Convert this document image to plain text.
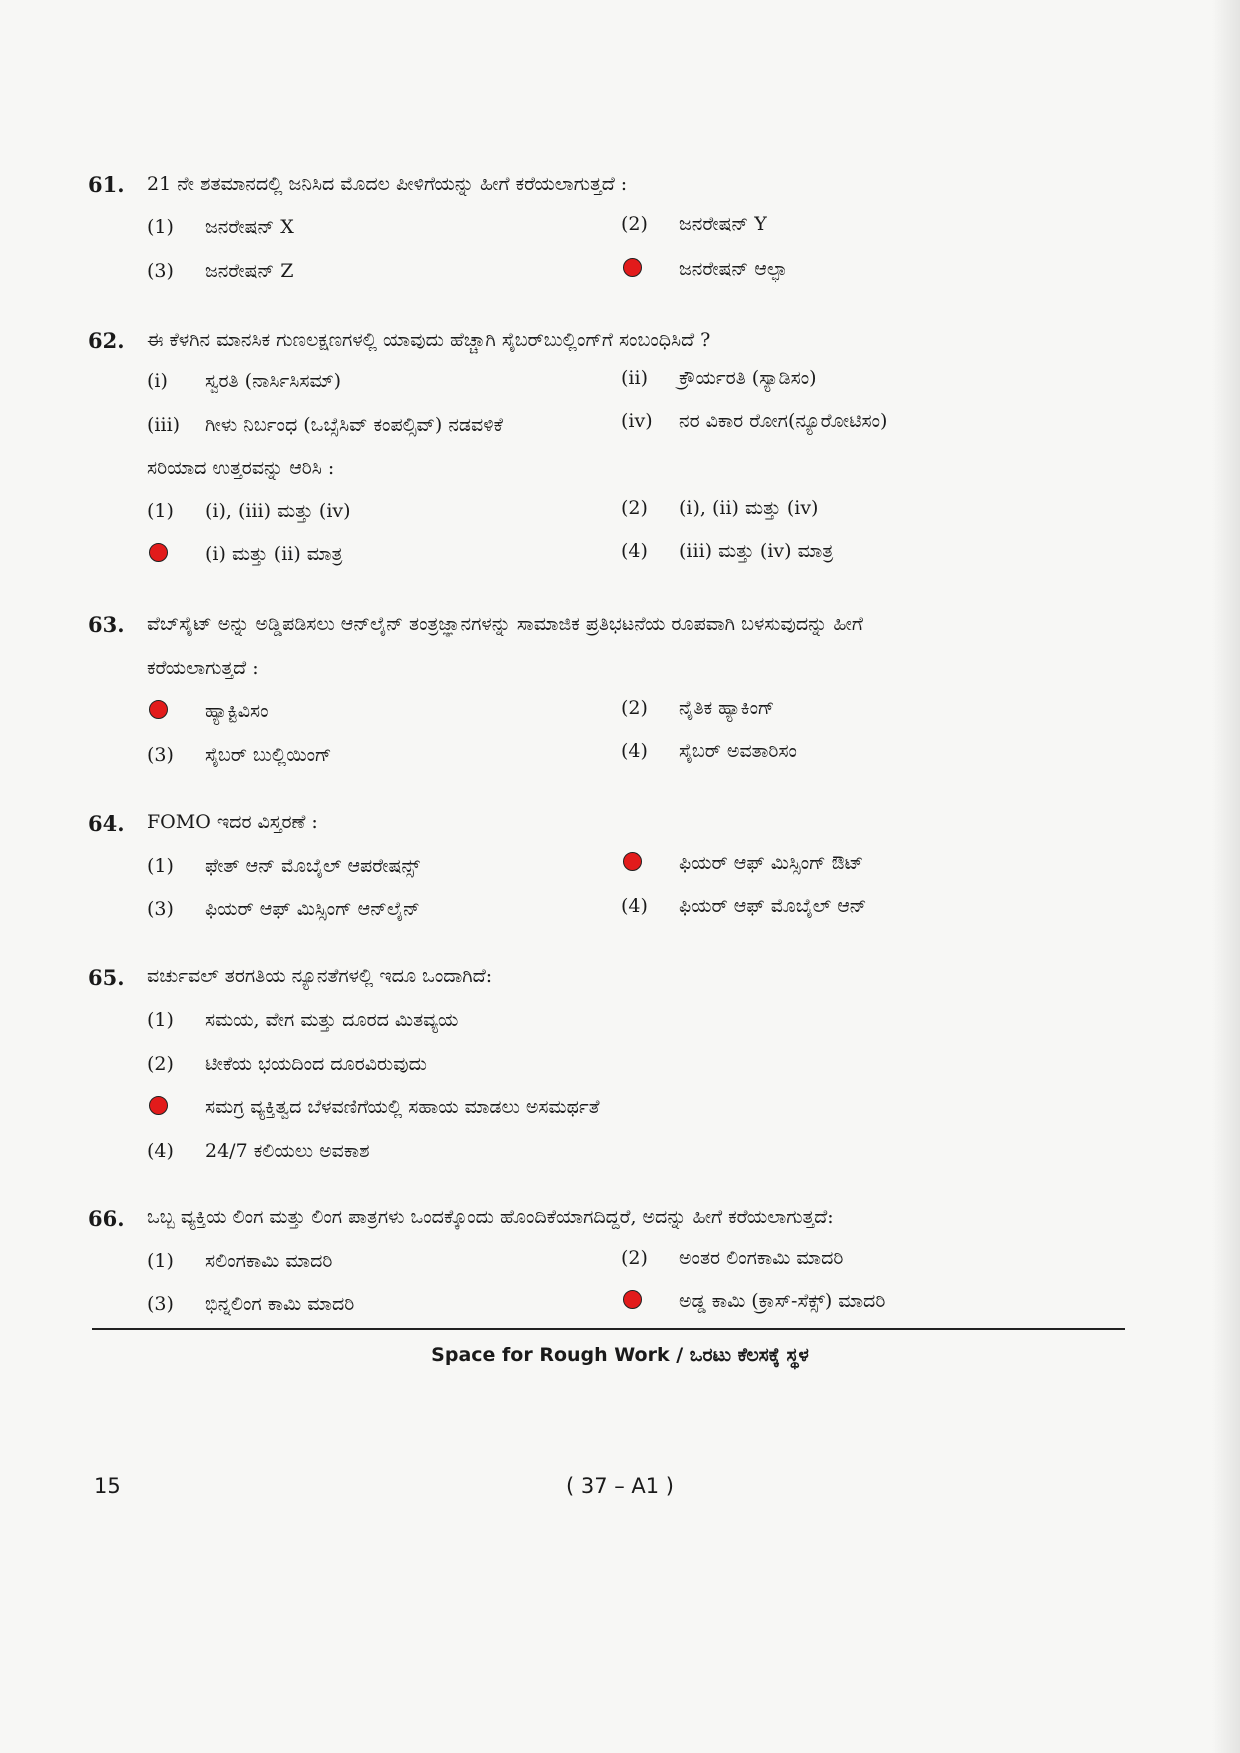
61. 21 ನೇ ಶತಮಾನದಲ್ಲಿ ಜನಿಸಿದ ಮೊದಲ ಪೀಳಿಗೆಯನ್ನು ಹೀಗೆ ಕರೆಯಲಾಗುತ್ತದೆ :
(1) ಜನರೇಷನ್ X	(2) ಜನರೇಷನ್ Y
(3) ಜನರೇಷನ್ Z	ಜನರೇಷನ್ ಆಲ್ಫಾ
62. ಈ ಕೆಳಗಿನ ಮಾನಸಿಕ ಗುಣಲಕ್ಷಣಗಳಲ್ಲಿ ಯಾವುದು ಹೆಚ್ಚಾಗಿ ಸೈಬರ್‌ಬುಲ್ಲಿಂಗ್‌ಗೆ ಸಂಬಂಧಿಸಿದೆ ?
(i) ಸ್ವರತಿ (ನಾರ್ಸಿಸಿಸಮ್)	(ii) ಕ್ರೌರ್ಯರತಿ (ಸ್ಯಾಡಿಸಂ)
(iii) ಗೀಳು ನಿರ್ಬಂಧ (ಒಬ್ಸೆಸಿವ್ ಕಂಪಲ್ಸಿವ್) ನಡವಳಿಕೆ	(iv) ನರ ವಿಕಾರ ರೋಗ(ನ್ಯೂರೋಟಿಸಂ)
ಸರಿಯಾದ ಉತ್ತರವನ್ನು ಆರಿಸಿ :
(1) (i), (iii) ಮತ್ತು (iv)	(2) (i), (ii) ಮತ್ತು (iv)
(i) ಮತ್ತು (ii) ಮಾತ್ರ	(4) (iii) ಮತ್ತು (iv) ಮಾತ್ರ
63. ವೆಬ್‌ಸೈಟ್ ಅನ್ನು ಅಡ್ಡಿಪಡಿಸಲು ಆನ್‌ಲೈನ್ ತಂತ್ರಜ್ಞಾನಗಳನ್ನು ಸಾಮಾಜಿಕ ಪ್ರತಿಭಟನೆಯ ರೂಪವಾಗಿ ಬಳಸುವುದನ್ನು ಹೀಗೆ
ಕರೆಯಲಾಗುತ್ತದೆ :
ಹ್ಯಾಕ್ಟಿವಿಸಂ	(2) ನೈತಿಕ ಹ್ಯಾಕಿಂಗ್
(3) ಸೈಬರ್ ಬುಲ್ಲಿಯಿಂಗ್	(4) ಸೈಬರ್ ಅವತಾರಿಸಂ
64. FOMO ಇದರ ವಿಸ್ತರಣೆ :
(1) ಫೇತ್ ಆನ್ ಮೊಬೈಲ್ ಆಪರೇಷನ್ಸ್	ಫಿಯರ್ ಆಫ್ ಮಿಸ್ಸಿಂಗ್ ಔಟ್
(3) ಫಿಯರ್ ಆಫ್ ಮಿಸ್ಸಿಂಗ್ ಆನ್‌ಲೈನ್	(4) ಫಿಯರ್ ಆಫ್ ಮೊಬೈಲ್ ಆನ್
65. ವರ್ಚುವಲ್ ತರಗತಿಯ ನ್ಯೂನತೆಗಳಲ್ಲಿ ಇದೂ ಒಂದಾಗಿದೆ:
(1) ಸಮಯ, ವೇಗ ಮತ್ತು ದೂರದ ಮಿತವ್ಯಯ
(2) ಟೀಕೆಯ ಭಯದಿಂದ ದೂರವಿರುವುದು
ಸಮಗ್ರ ವ್ಯಕ್ತಿತ್ವದ ಬೆಳವಣಿಗೆಯಲ್ಲಿ ಸಹಾಯ ಮಾಡಲು ಅಸಮರ್ಥತೆ
(4) 24/7 ಕಲಿಯಲು ಅವಕಾಶ
66. ಒಬ್ಬ ವ್ಯಕ್ತಿಯ ಲಿಂಗ ಮತ್ತು ಲಿಂಗ ಪಾತ್ರಗಳು ಒಂದಕ್ಕೊಂದು ಹೊಂದಿಕೆಯಾಗದಿದ್ದರೆ, ಅದನ್ನು ಹೀಗೆ ಕರೆಯಲಾಗುತ್ತದೆ:
(1) ಸಲಿಂಗಕಾಮಿ ಮಾದರಿ	(2) ಅಂತರ ಲಿಂಗಕಾಮಿ ಮಾದರಿ
(3) ಭಿನ್ನಲಿಂಗ ಕಾಮಿ ಮಾದರಿ	ಅಡ್ಡ ಕಾಮಿ (ಕ್ರಾಸ್-ಸೆಕ್ಸ್) ಮಾದರಿ
Space for Rough Work / ಒರಟು ಕೆಲಸಕ್ಕೆ ಸ್ಥಳ
15	( 37 – A1 )
